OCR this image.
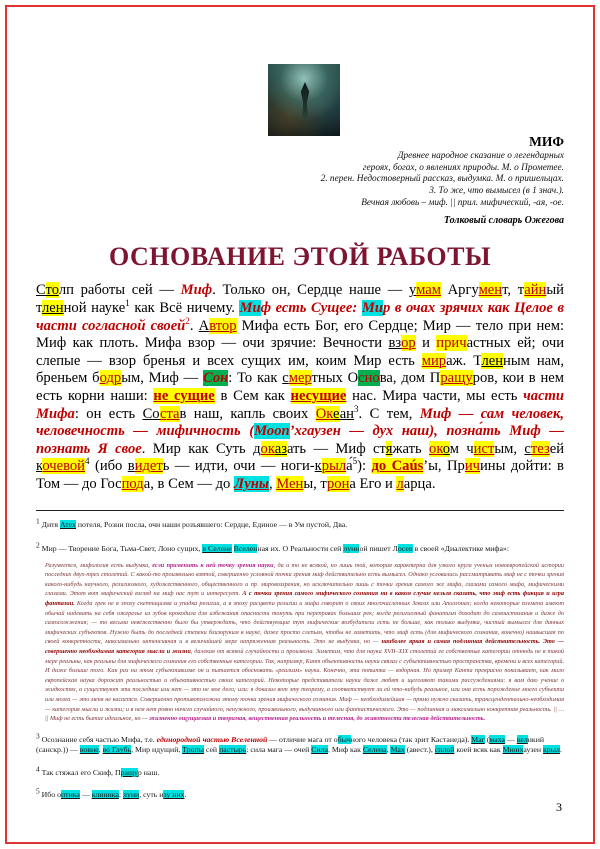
МИФ
Древнее народное сказание о легендарных
героях, богах, о явлениях природы. М. о Прометее.
2. перен. Недостоверный рассказ, выдумка. М. о пришельцах.
3. То же, что вымысел (в 1 знач.).
Вечная любовь – миф. || прил. мифический, -ая, -ое.
Толковый словарь Ожегова
ОСНОВАНИЕ ЭТОЙ РАБОТЫ
Столп работы сей — Миф. Только он, Сердце наше — умам Аргумент, тайный тленной науке$^1$ как Всё ничему. Миф есть Сущее: Мир в очах зрячих как Целое в части согласной своей$^2$. Автор Мифа есть Бог, его Сердце; Мир — тело при нем: Миф как плоть. Мифа взор — очи зрячие: Вечности взор и причастных ей; очи слепые — взор бренья и всех сущих им, коим Мир есть мираж. Тленным нам, бреньем бодрым, Миф — Сон: То как смертных Основа, дом Пращуров, кои в нем есть корни наши: не сущие в Сем как несущие нас. Мира части, мы есть части Мифа: он есть Состав наш, капль своих Океан$^3$. С тем, Миф — сам человек, человечность — мифичность (Моon’хгаузен — дух наш), позна́ть Миф — познать Я свое. Мир как Суть доказать — Миф стяжать оком чистым, стезей кочевой$^4$ (ибо видеть — идти, очи — ноги-крыла́$^5$): до Caús’ы, Причины дойти: в Том — до Господа, в Сем — до Луны, Мены, трона Его и ларца.
1 Дитя Атех потеля, Розни посла, очи наши розъявшего: Сердце, Единое — в Ум пустой, Два.
2 Мир — Творение Бога, Тьма-Свет, Лоно сущих, в Селене Вселенная их. О Реальности сей лунной пишет Лосев в своей «Диалектике мифа»:
Разумеется, мифология есть выдумка, если применить к ней точку зрения науки, да и то не всякой, но лишь той, которая характерна для узкого круга ученых новоевропейской истории последних двух-трех столетий. С какой-то произвольно взятой, совершенно условной точки зрения миф действительно есть вымысел. Однако условились рассматривать миф не с точки зрения какого-нибудь научного, религиозного, художественного, общественного и пр. мировоззрения, но исключительно лишь с точки зрения самого же мифа, глазами самого мифа, мифическими глазами. Этот вот мифический взгляд на миф нас тут и интересует. А с точки зрения самого мифического сознания ни в каком случае нельзя сказать, что миф есть фикция и игра фантазии. Когда грек не в эпоху скептицизма и упадка религии, а в эпоху расцвета религии и мифа говорит о своих многочисленных Зевсах или Аполлонах; когда некоторые племена имеют обычай надевать на себя ожерелье из зубов крокодила для избежания опасности тонуть при переправах больших рек; когда религиозный фанатизм доходит до самоистязания и даже до самосожжения; — то весьма невежественно было бы утверждать, что действующие тут мифические возбудители есть не больше, как только выдумка, чистый вымысел для данных мифических субъектов. Нужно быть до последней степени близоруким в науке, даже просто слепым, чтобы не заметить, что миф есть (для мифического сознания, конечно) наивысшая по своей конкретности, максимально интенсивная и в величайшей мере напряженная реальность. Это не выдумка, но — наиболее яркая и самая подлинная действительность. Это — совершенно необходимая категория мысли и жизни, далекая от всякой случайности и произвола. Заметим, что для науки XVII–XIX столетий ее собственные категории отнюдь не в такой мере реальны, как реальны для мифического сознания его собственные категории. Так, например, Кант объективность науки связал с субъективностью пространства, времени и всех категорий. И даже больше того. Как раз на этом субъективизме он и пытается обосновать «реализм» науки. Конечно, эта попытка — вздорная. Но пример Канта прекрасно показывает, как мало европейская наука дорожит реальностью и объективностью своих категорий. Некоторые представители науки даже любят и щеголяют такими рассуждениями: я вам даю учение о жидкостях, а существуют эти последние или нет — это не мое дело; или: я доказал вот эту теорему, а соответствует ли ей что-нибудь реальное, или она есть порождение моего субъекта или мозга — это меня не касается. Совершенно противоположна этому точка зрения мифического сознания. Миф — необходимейшая — прямо нужно сказать, трансцендентально-необходимая — категория мысли и жизни; и в нем нет ровно ничего случайного, ненужного, произвольного, выдуманного или фантастического. Это — подлинная и максимально конкретная реальность. || … || Миф не есть бытие идеальное, но — жизненно ощущаемая и творимая, вещественная реальность и телесная, до животности телесная действительность.
3 Осознание себя частью Мифа, т.е. единородной частью Вселенной — отличие мага от обычного человека (так зрит Кастанеда). Маг (маха — великий (санскр.)) — вовне, во Глубь, Мир идущий, Тропы сей пастырь: сила мага — очей Сила. Миф как Селена, Мах (авест.), силой коей всяк как Мюнхаузен крыл.
4 Так стяжал его Скиф, Пращур наш.
5 Ибо оптика — клиника: луни, суть изу них.
3
